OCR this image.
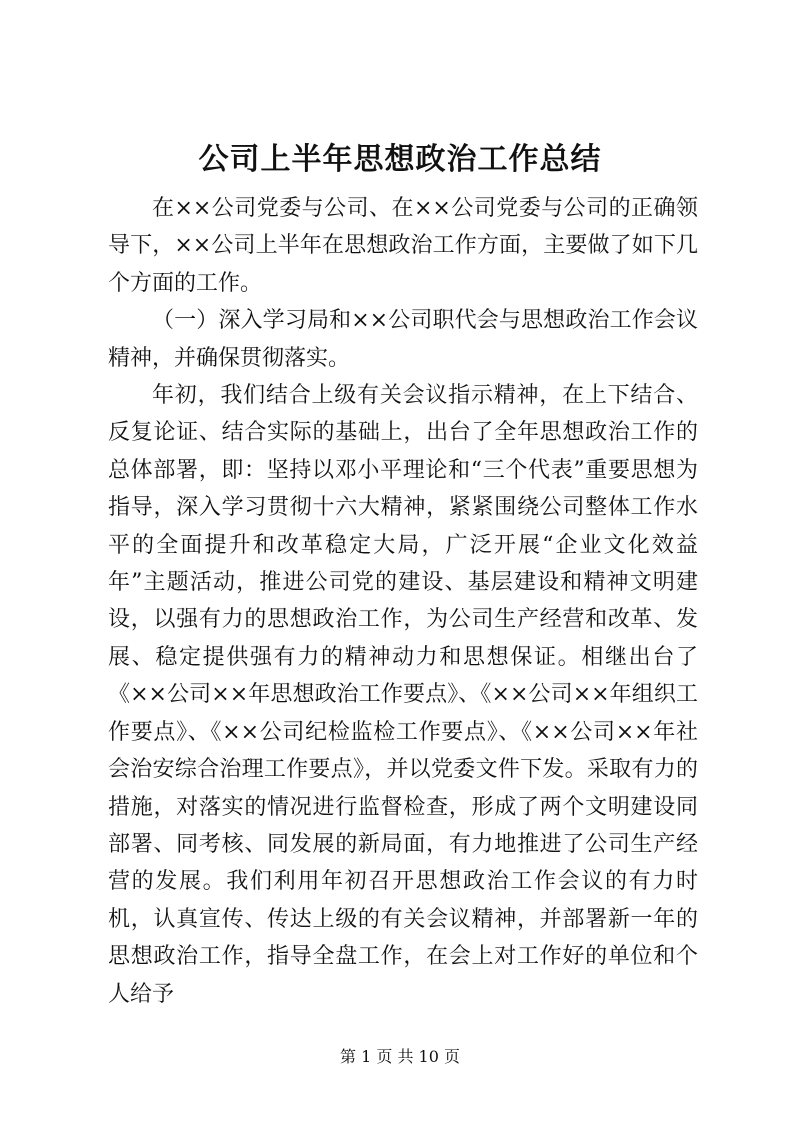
公司上半年思想政治工作总结

在××公司党委与公司、在××公司党委与公司的正确领导下，××公司上半年在思想政治工作方面，主要做了如下几个方面的工作。

（一）深入学习局和××公司职代会与思想政治工作会议精神，并确保贯彻落实。

年初，我们结合上级有关会议指示精神，在上下结合、反复论证、结合实际的基础上，出台了全年思想政治工作的总体部署，即：坚持以邓小平理论和“三个代表”重要思想为指导，深入学习贯彻十六大精神，紧紧围绕公司整体工作水平的全面提升和改革稳定大局，广泛开展“企业文化效益年”主题活动，推进公司党的建设、基层建设和精神文明建设，以强有力的思想政治工作，为公司生产经营和改革、发展、稳定提供强有力的精神动力和思想保证。相继出台了《××公司××年思想政治工作要点》、《××公司××年组织工作要点》、《××公司纪检监检工作要点》、《××公司××年社会治安综合治理工作要点》，并以党委文件下发。采取有力的措施，对落实的情况进行监督检查，形成了两个文明建设同部署、同考核、同发展的新局面，有力地推进了公司生产经营的发展。我们利用年初召开思想政治工作会议的有力时机，认真宣传、传达上级的有关会议精神，并部署新一年的思想政治工作，指导全盘工作，在会上对工作好的单位和个人给予

第 1 页 共 10 页
